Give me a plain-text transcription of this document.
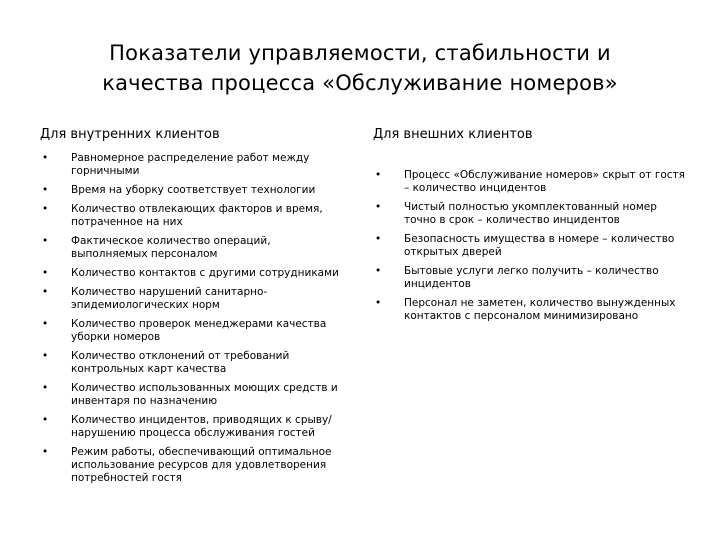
Показатели управляемости, стабильности и
качества процесса «Обслуживание номеров»
Для внутренних клиентов
• Равномерное распределение работ между горничными
• Время на уборку соответствует технологии
• Количество отвлекающих факторов и время, потраченное на них
• Фактическое количество операций, выполняемых персоналом
• Количество контактов с другими сотрудниками
• Количество нарушений санитарно-эпидемиологических норм
• Количество проверок менеджерами качества уборки номеров
• Количество отклонений от требований контрольных карт качества
• Количество использованных моющих средств и инвентаря по назначению
• Количество инцидентов, приводящих к срыву/нарушению процесса обслуживания гостей
• Режим работы, обеспечивающий оптимальное использование ресурсов для удовлетворения потребностей гостя
Для внешних клиентов
• Процесс «Обслуживание номеров» скрыт от гостя – количество инцидентов
• Чистый полностью укомплектованный номер точно в срок – количество инцидентов
• Безопасность имущества в номере – количество открытых дверей
• Бытовые услуги легко получить – количество инцидентов
• Персонал не заметен, количество вынужденных контактов с персоналом минимизировано
